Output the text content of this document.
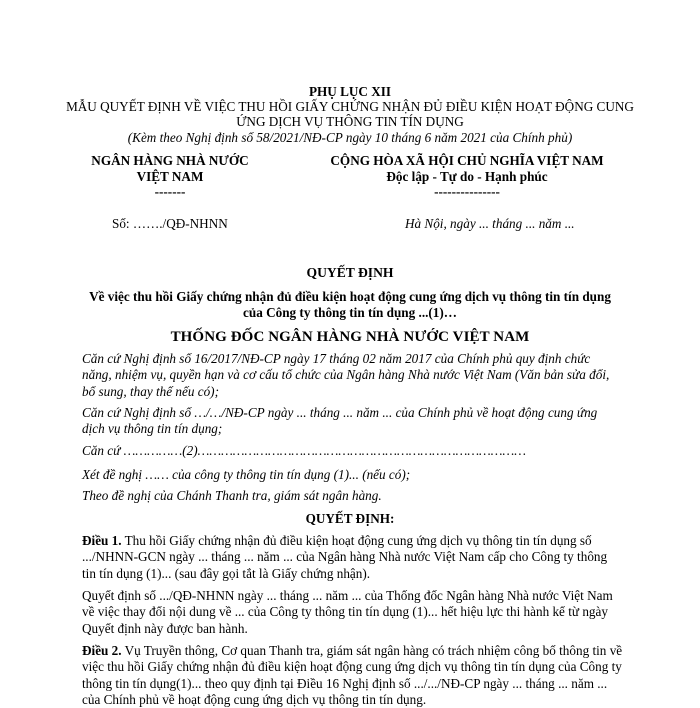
PHỤ LỤC XII
MẪU QUYẾT ĐỊNH VỀ VIỆC THU HỒI GIẤY CHỨNG NHẬN ĐỦ ĐIỀU KIỆN HOẠT ĐỘNG CUNG ỨNG DỊCH VỤ THÔNG TIN TÍN DỤNG
(Kèm theo Nghị định số 58/2021/NĐ-CP ngày 10 tháng 6 năm 2021 của Chính phủ)
NGÂN HÀNG NHÀ NƯỚC
VIỆT NAM
-------
CỘNG HÒA XÃ HỘI CHỦ NGHĨA VIỆT NAM
Độc lập - Tự do - Hạnh phúc
---------------
Số: ……./QĐ-NHNN	Hà Nội, ngày ... tháng ... năm ...
QUYẾT ĐỊNH
Về việc thu hồi Giấy chứng nhận đủ điều kiện hoạt động cung ứng dịch vụ thông tin tín dụng của Công ty thông tin tín dụng ...(1)…
THỐNG ĐỐC NGÂN HÀNG NHÀ NƯỚC VIỆT NAM
Căn cứ Nghị định số 16/2017/NĐ-CP ngày 17 tháng 02 năm 2017 của Chính phủ quy định chức năng, nhiệm vụ, quyền hạn và cơ cấu tổ chức của Ngân hàng Nhà nước Việt Nam (Văn bản sửa đổi, bổ sung, thay thế nếu có);
Căn cứ Nghị định số …/…/NĐ-CP ngày ... tháng ... năm ... của Chính phủ về hoạt động cung ứng dịch vụ thông tin tín dụng;
Căn cứ ……………(2)…………………………………………………………………………
Xét đề nghị …… của công ty thông tin tín dụng (1)... (nếu có);
Theo đề nghị của Chánh Thanh tra, giám sát ngân hàng.
QUYẾT ĐỊNH:
Điều 1. Thu hồi Giấy chứng nhận đủ điều kiện hoạt động cung ứng dịch vụ thông tin tín dụng số .../NHNN-GCN ngày ... tháng ... năm ... của Ngân hàng Nhà nước Việt Nam cấp cho Công ty thông tin tín dụng (1)... (sau đây gọi tắt là Giấy chứng nhận).
Quyết định số .../QĐ-NHNN ngày ... tháng ... năm ... của Thống đốc Ngân hàng Nhà nước Việt Nam về việc thay đổi nội dung về ... của Công ty thông tin tín dụng (1)... hết hiệu lực thi hành kể từ ngày Quyết định này được ban hành.
Điều 2. Vụ Truyền thông, Cơ quan Thanh tra, giám sát ngân hàng có trách nhiệm công bố thông tin về việc thu hồi Giấy chứng nhận đủ điều kiện hoạt động cung ứng dịch vụ thông tin tín dụng của Công ty thông tin tín dụng(1)... theo quy định tại Điều 16 Nghị định số .../.../NĐ-CP ngày ... tháng ... năm ... của Chính phủ về hoạt động cung ứng dịch vụ thông tin tín dụng.
